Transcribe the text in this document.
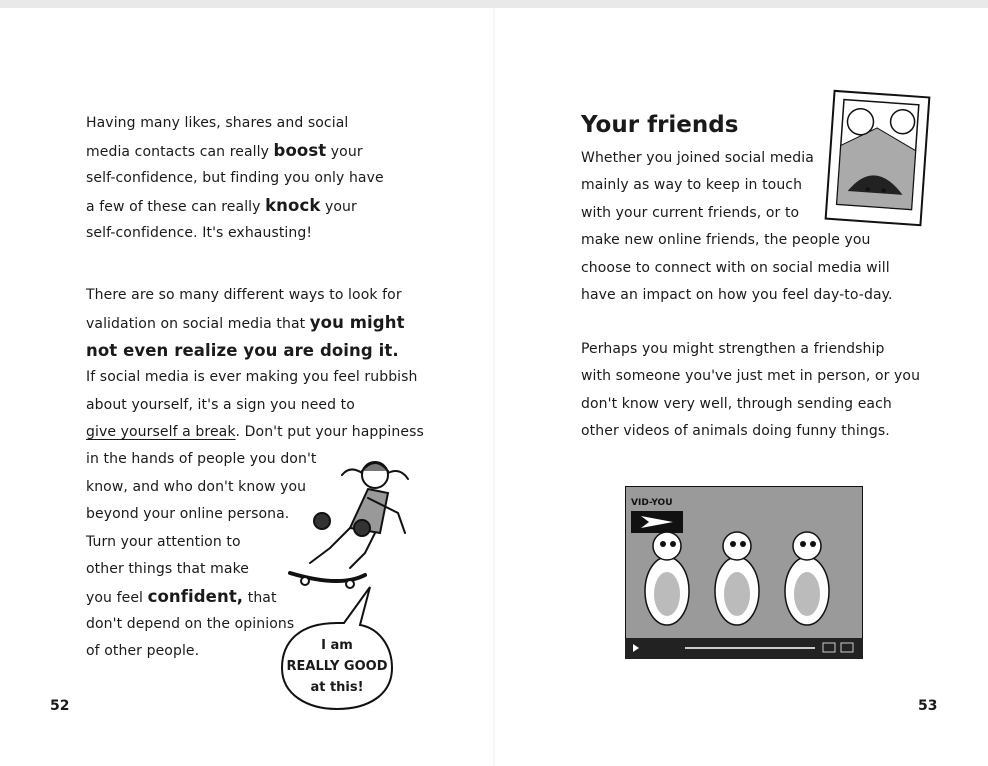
Having many likes, shares and social
media contacts can really boost your
self-confidence, but finding you only have
a few of these can really knock your
self-confidence. It's exhausting!
There are so many different ways to look for
validation on social media that you might
not even realize you are doing it.
If social media is ever making you feel rubbish
about yourself, it's a sign you need to
give yourself a break. Don't put your happiness
in the hands of people you don't
know, and who don't know you
beyond your online persona.
Turn your attention to
other things that make
you feel confident, that
don't depend on the opinions
of other people.	I am
REALLY GOOD
at this!
52
Your friends
Whether you joined social media
mainly as way to keep in touch
with your current friends, or to
make new online friends, the people you
choose to connect with on social media will
have an impact on how you feel day-to-day.
Perhaps you might strengthen a friendship
with someone you've just met in person, or you
don't know very well, through sending each
other videos of animals doing funny things.
VID-YOU
53
